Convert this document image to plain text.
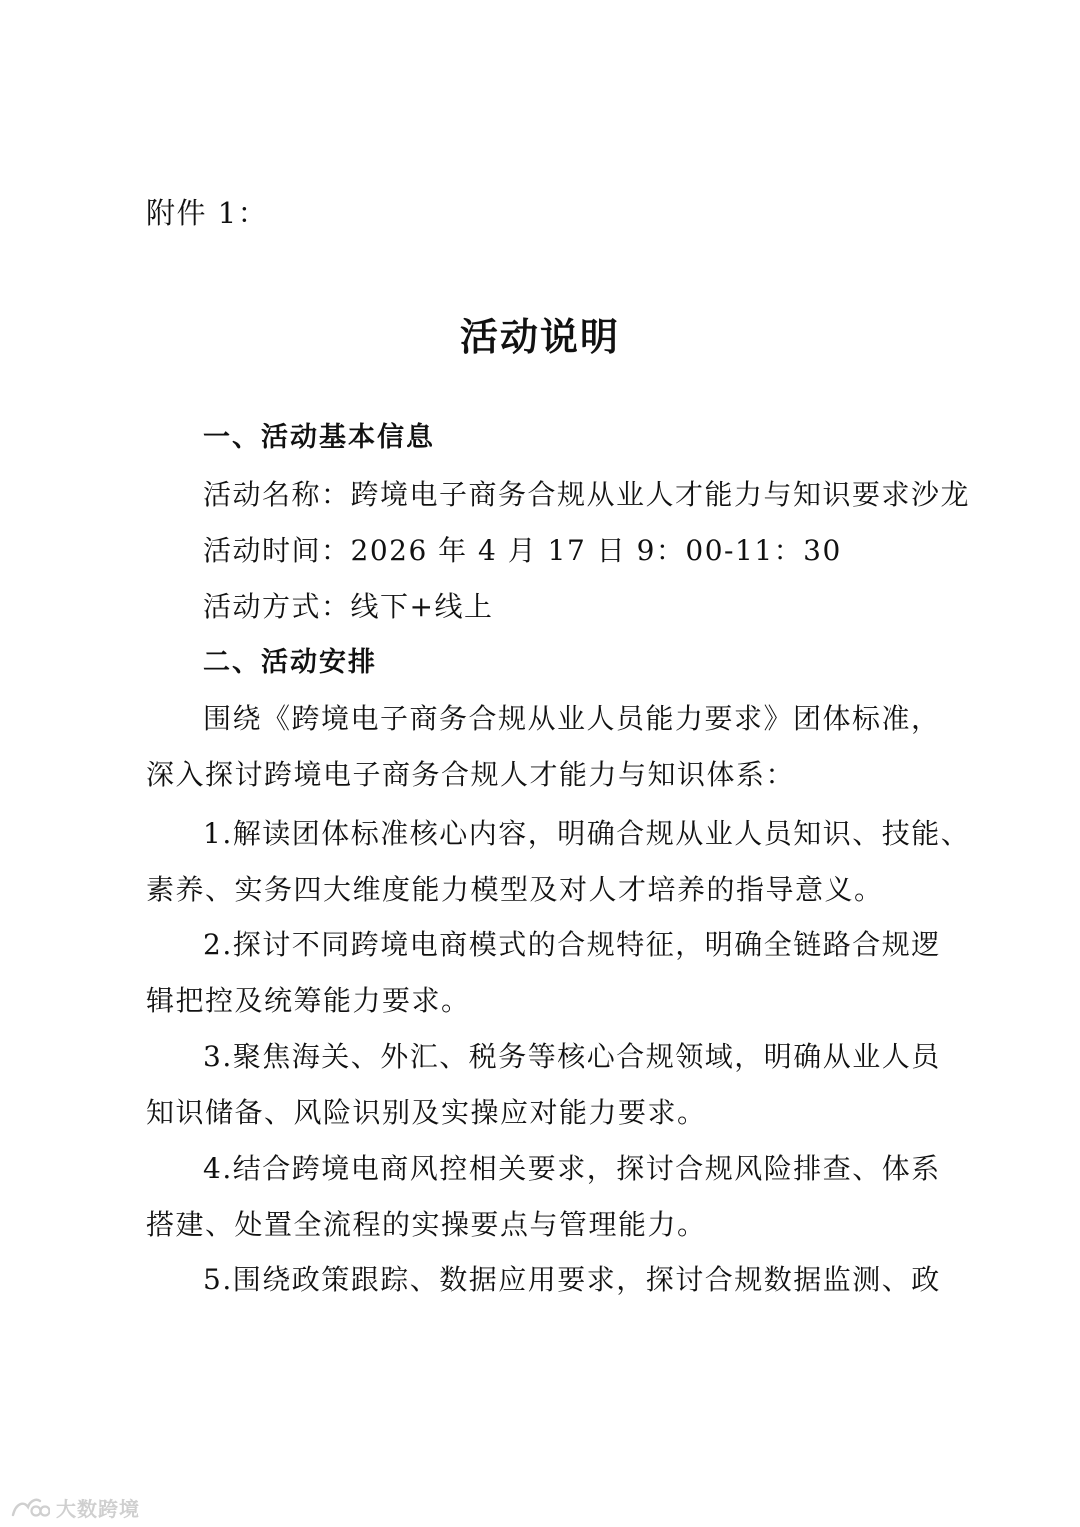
附件 1：
活动说明
一、活动基本信息
活动名称：跨境电子商务合规从业人才能力与知识要求沙龙
活动时间：2026 年 4 月 17 日 9：00-11：30
活动方式：线下+线上
二、活动安排
围绕《跨境电子商务合规从业人员能力要求》团体标准，
深入探讨跨境电子商务合规人才能力与知识体系：
1.解读团体标准核心内容，明确合规从业人员知识、技能、
素养、实务四大维度能力模型及对人才培养的指导意义。
2.探讨不同跨境电商模式的合规特征，明确全链路合规逻
辑把控及统筹能力要求。
3.聚焦海关、外汇、税务等核心合规领域，明确从业人员
知识储备、风险识别及实操应对能力要求。
4.结合跨境电商风控相关要求，探讨合规风险排查、体系
搭建、处置全流程的实操要点与管理能力。
5.围绕政策跟踪、数据应用要求，探讨合规数据监测、政
大数跨境
